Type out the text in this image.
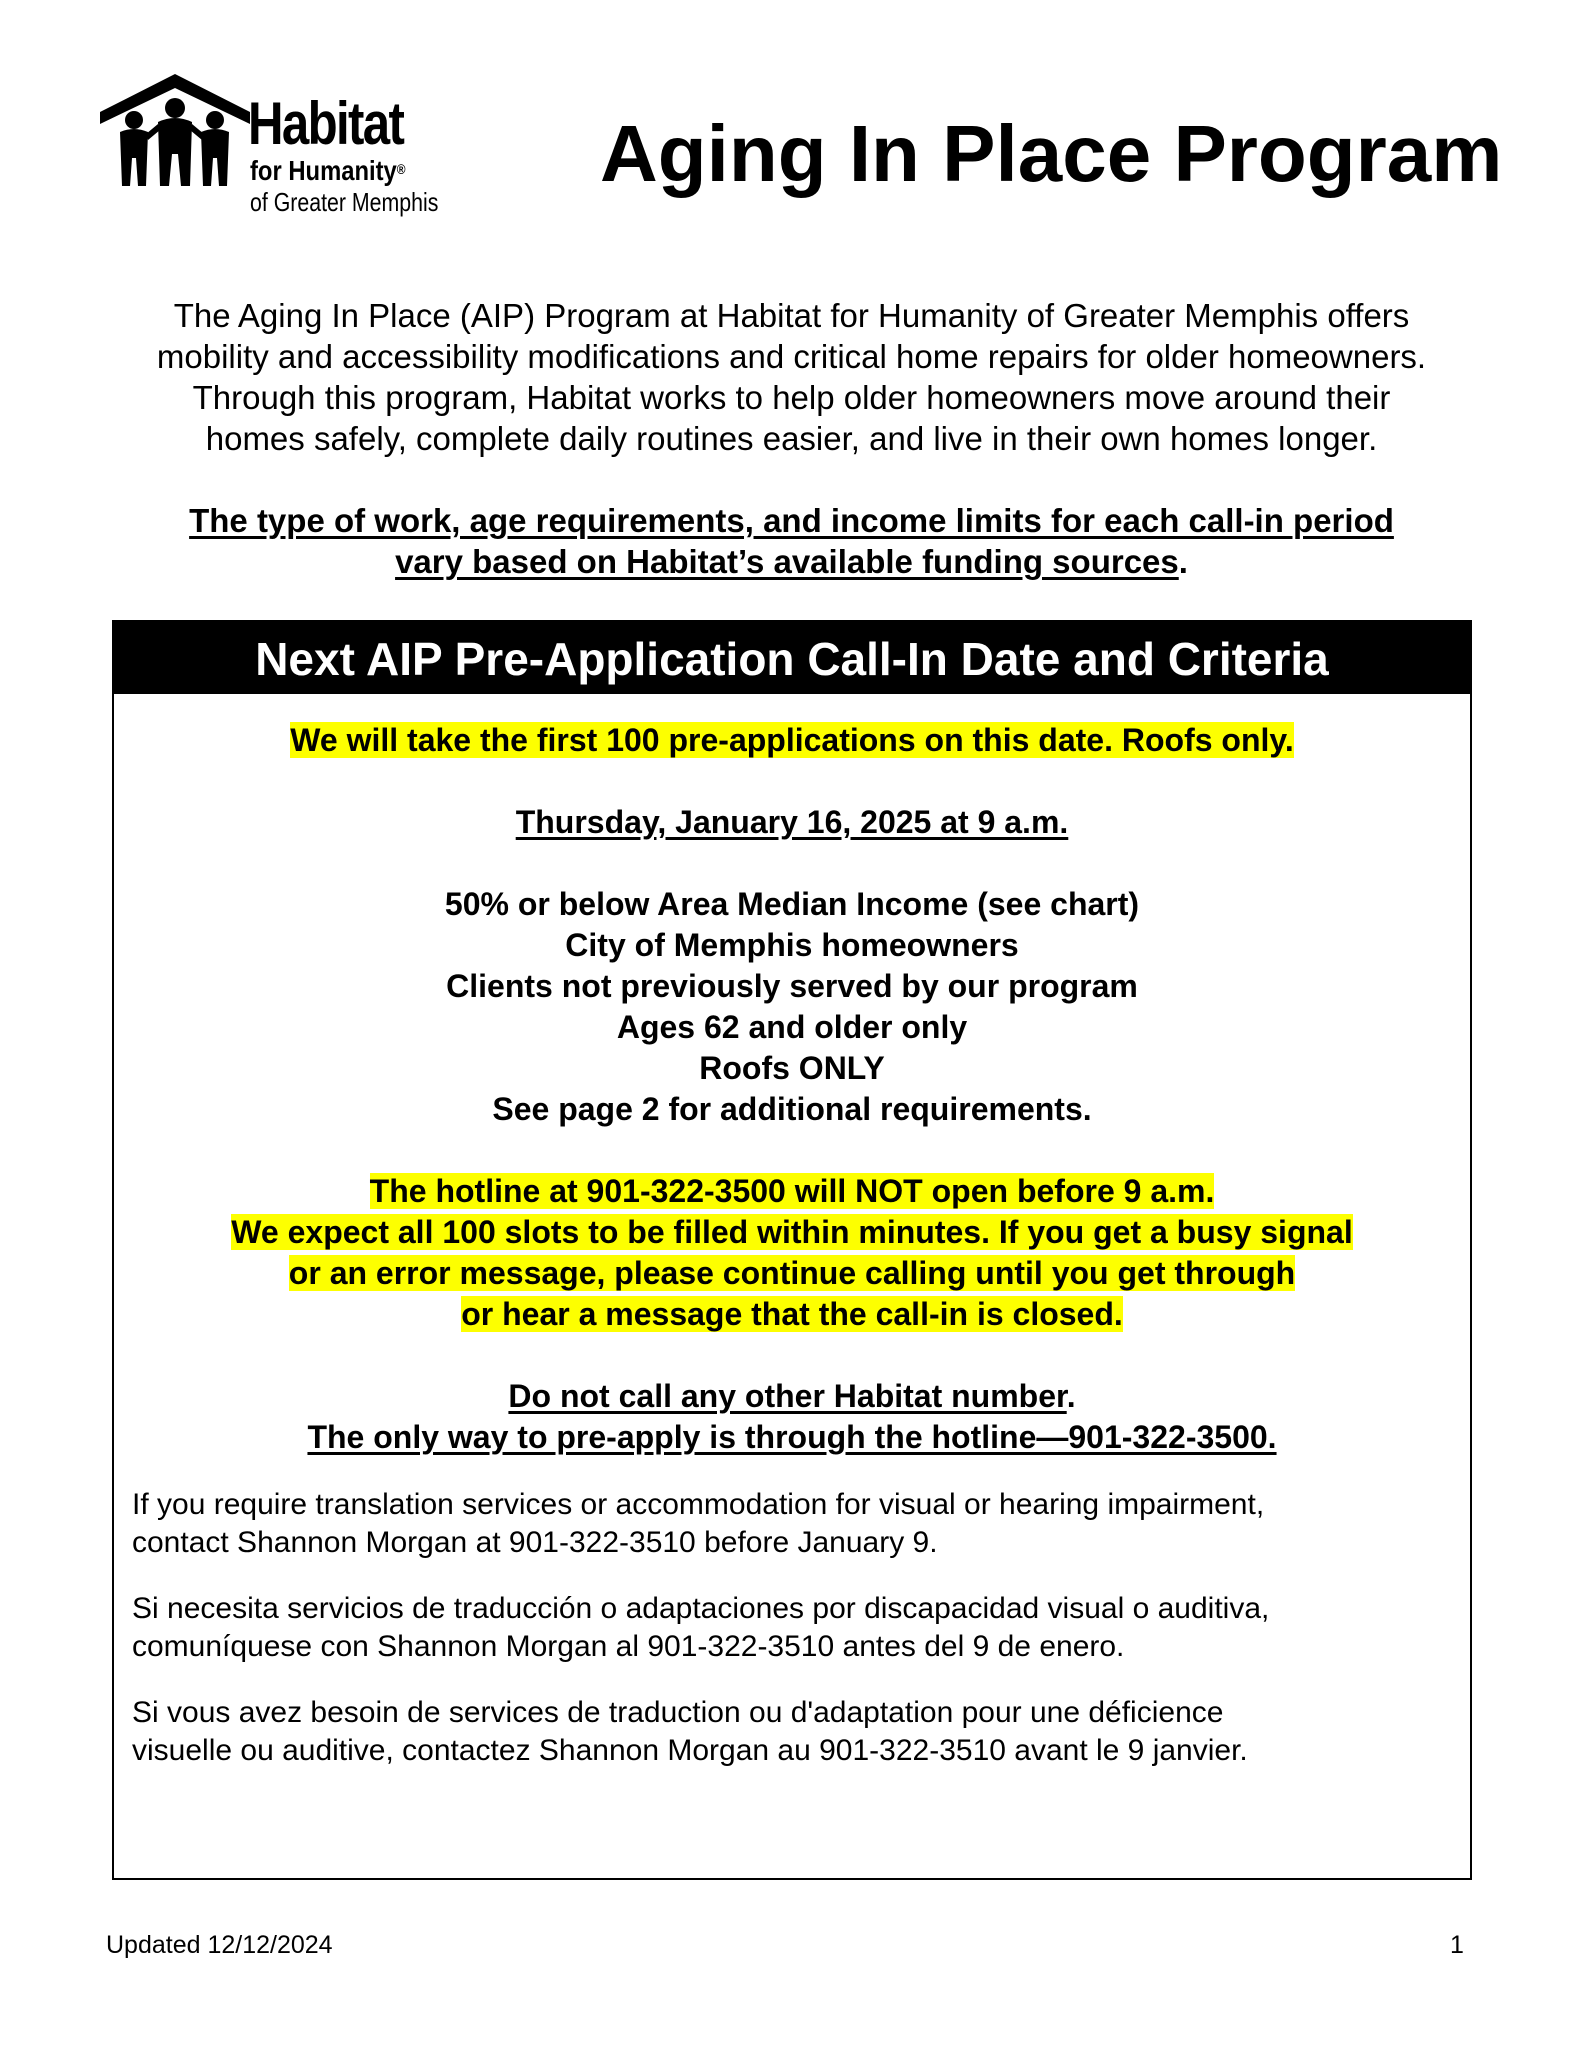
Habitat
for Humanity®
of Greater Memphis
Aging In Place Program
The Aging In Place (AIP) Program at Habitat for Humanity of Greater Memphis offers
mobility and accessibility modifications and critical home repairs for older homeowners.
Through this program, Habitat works to help older homeowners move around their
homes safely, complete daily routines easier, and live in their own homes longer.
The type of work, age requirements, and income limits for each call-in period
vary based on Habitat’s available funding sources.
Next AIP Pre-Application Call-In Date and Criteria

We will take the first 100 pre-applications on this date. Roofs only.

Thursday, January 16, 2025 at 9 a.m.

50% or below Area Median Income (see chart)

City of Memphis homeowners

Clients not previously served by our program

Ages 62 and older only

Roofs ONLY

See page 2 for additional requirements.

The hotline at 901-322-3500 will NOT open before 9 a.m.

We expect all 100 slots to be filled within minutes. If you get a busy signal

or an error message, please continue calling until you get through

or hear a message that the call-in is closed.

Do not call any other Habitat number.

The only way to pre-apply is through the hotline—901-322-3500.

If you require translation services or accommodation for visual or hearing impairment,
contact Shannon Morgan at 901-322-3510 before January 9.

Si necesita servicios de traducción o adaptaciones por discapacidad visual o auditiva,
comuníquese con Shannon Morgan al 901-322-3510 antes del 9 de enero.

Si vous avez besoin de services de traduction ou d'adaptation pour une déficience
visuelle ou auditive, contactez Shannon Morgan au 901-322-3510 avant le 9 janvier.

Updated 12/12/2024	1
